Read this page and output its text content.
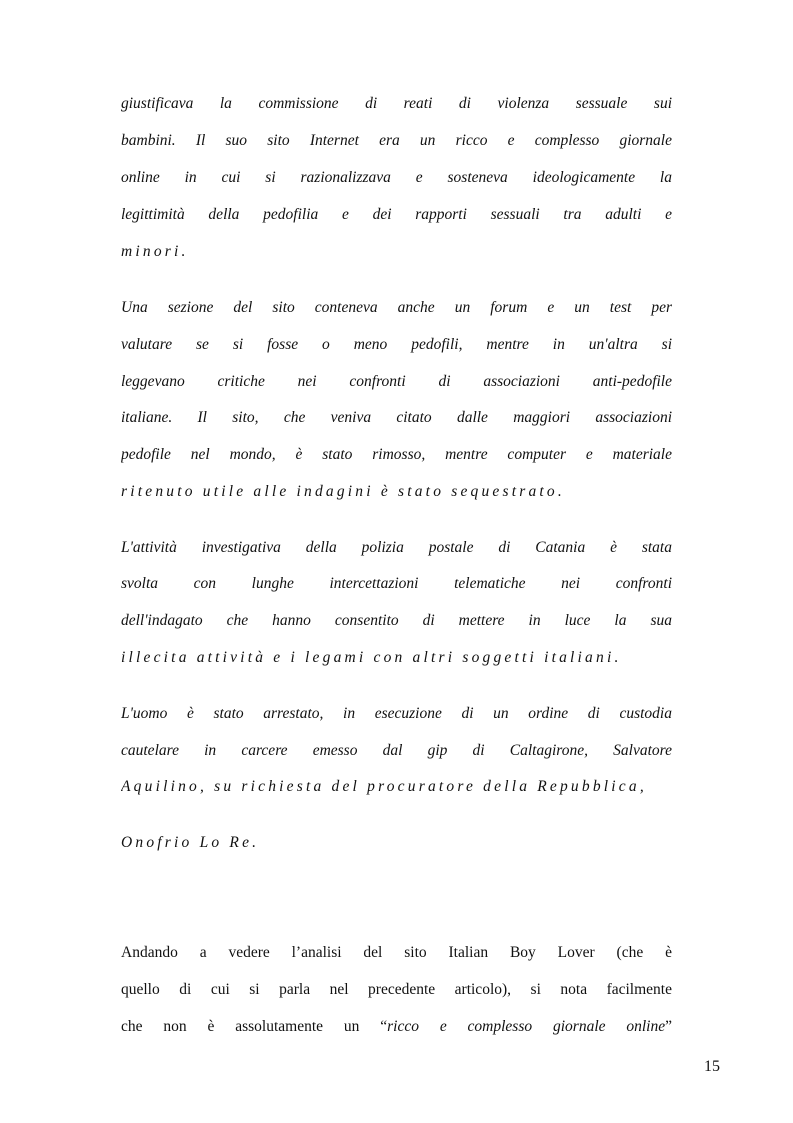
giustificava la commissione di reati di violenza sessuale sui
bambini. Il suo sito Internet era un ricco e complesso giornale
online in cui si razionalizzava e sosteneva ideologicamente la
legittimità della pedofilia e dei rapporti sessuali tra adulti e
minori.
Una sezione del sito conteneva anche un forum e un test per
valutare se si fosse o meno pedofili, mentre in un'altra si
leggevano critiche nei confronti di associazioni anti-pedofile
italiane. Il sito, che veniva citato dalle maggiori associazioni
pedofile nel mondo, è stato rimosso, mentre computer e materiale
ritenuto utile alle indagini è stato sequestrato.
L'attività investigativa della polizia postale di Catania è stata
svolta con lunghe intercettazioni telematiche nei confronti
dell'indagato che hanno consentito di mettere in luce la sua
illecita attività e i legami con altri soggetti italiani.
L'uomo è stato arrestato, in esecuzione di un ordine di custodia
cautelare in carcere emesso dal gip di Caltagirone, Salvatore
Aquilino, su richiesta del procuratore della Repubblica,
Onofrio Lo Re.
Andando a vedere l’analisi del sito Italian Boy Lover (che è
quello di cui si parla nel precedente articolo), si nota facilmente
che non è assolutamente un “ricco e complesso giornale online”
15
